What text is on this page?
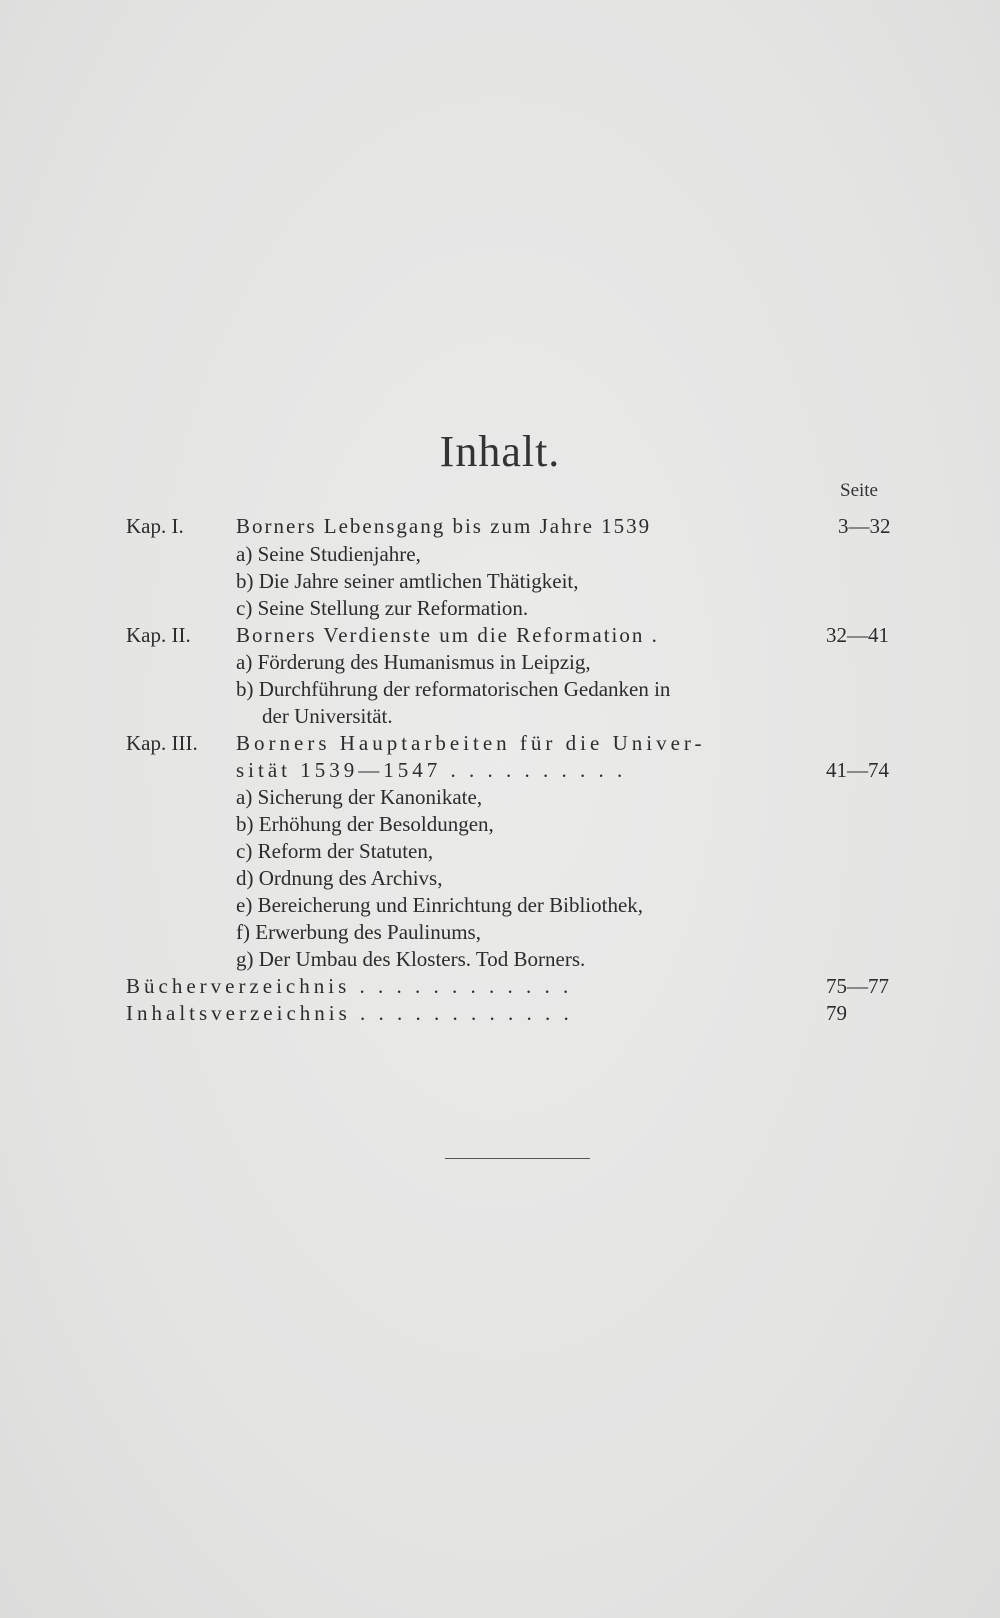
Inhalt.
Seite
Kap. I. Borners Lebensgang bis zum Jahre 1539	3—32
a) Seine Studienjahre,
b) Die Jahre seiner amtlichen Thätigkeit,
c) Seine Stellung zur Reformation.
Kap. II. Borners Verdienste um die Reformation .	32—41
a) Förderung des Humanismus in Leipzig,
b) Durchführung der reformatorischen Gedanken in
der Universität.
Kap. III. Borners Hauptarbeiten für die Univer-
sität 1539—1547 . . . . . . . . . .	41—74
a) Sicherung der Kanonikate,
b) Erhöhung der Besoldungen,
c) Reform der Statuten,
d) Ordnung des Archivs,
e) Bereicherung und Einrichtung der Bibliothek,
f) Erwerbung des Paulinums,
g) Der Umbau des Klosters. Tod Borners.
Bücherverzeichnis . . . . . . . . . . . .	75—77
Inhaltsverzeichnis . . . . . . . . . . . .	79
